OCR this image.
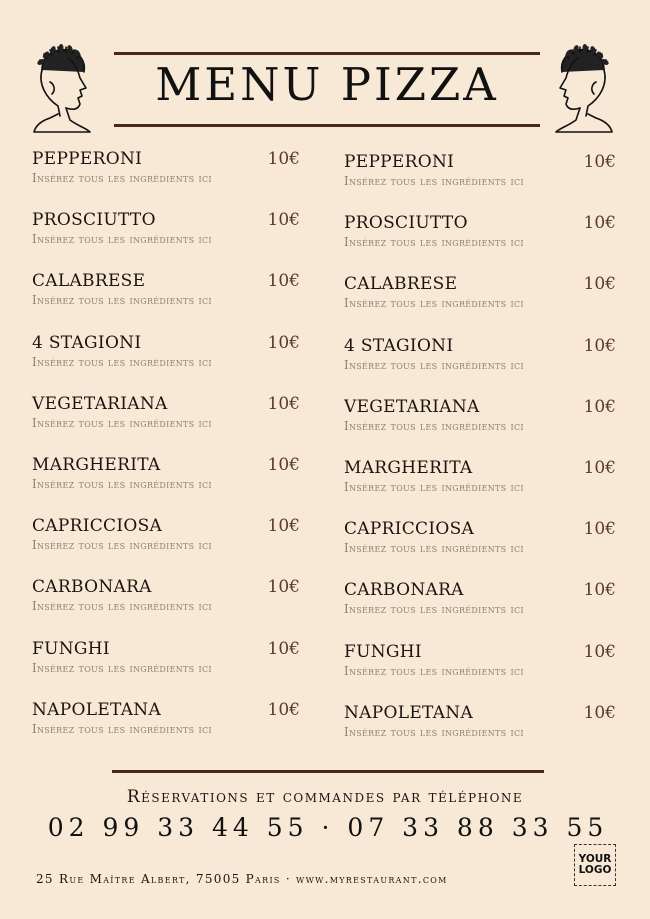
MENU PIZZA
PEPPERONI
Insérez tous les ingrédients ici
10€
PROSCIUTTO
Insérez tous les ingrédients ici
10€
CALABRESE
Insérez tous les ingrédients ici
10€
4 STAGIONI
Insérez tous les ingrédients ici
10€
VEGETARIANA
Insérez tous les ingrédients ici
10€
MARGHERITA
Insérez tous les ingrédients ici
10€
CAPRICCIOSA
Insérez tous les ingrédients ici
10€
CARBONARA
Insérez tous les ingrédients ici
10€
FUNGHI
Insérez tous les ingrédients ici
10€
NAPOLETANA
Insérez tous les ingrédients ici
10€
PEPPERONI
Insérez tous les ingrédients ici
10€
PROSCIUTTO
Insérez tous les ingrédients ici
10€
CALABRESE
Insérez tous les ingrédients ici
10€
4 STAGIONI
Insérez tous les ingrédients ici
10€
VEGETARIANA
Insérez tous les ingrédients ici
10€
MARGHERITA
Insérez tous les ingrédients ici
10€
CAPRICCIOSA
Insérez tous les ingrédients ici
10€
CARBONARA
Insérez tous les ingrédients ici
10€
FUNGHI
Insérez tous les ingrédients ici
10€
NAPOLETANA
Insérez tous les ingrédients ici
10€
Réservations et commandes par téléphone
02 99 33 44 55 · 07 33 88 33 55
25 Rue Maître Albert, 75005 Paris · www.myrestaurant.com
YOUR
LOGO
